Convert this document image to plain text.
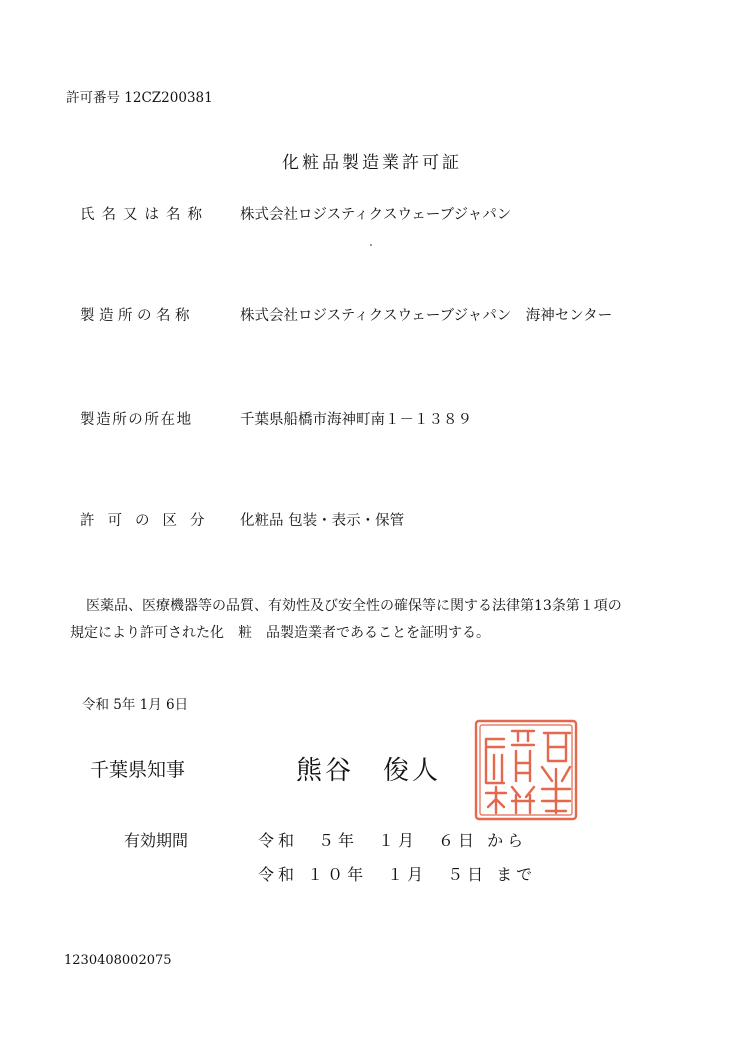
許可番号 12CZ200381
化粧品製造業許可証
氏名又は名称 株式会社ロジスティクスウェーブジャパン
製造所の名称	株式会社ロジスティクスウェーブジャパン　海神センター
製造所の所在地	千葉県船橋市海神町南１－１３８９
許可の区分 化粧品 包装・表示・保管
医薬品、医療機器等の品質、有効性及び安全性の確保等に関する法律第13条第１項の
規定により許可された化　粧　品製造業者であることを証明する。
令和 5年 1月 6日
千葉県知事	熊谷　俊人
有効期間	令和　５年　１月　６日 から
令和 １０年　１月　５日 まで
1230408002075
